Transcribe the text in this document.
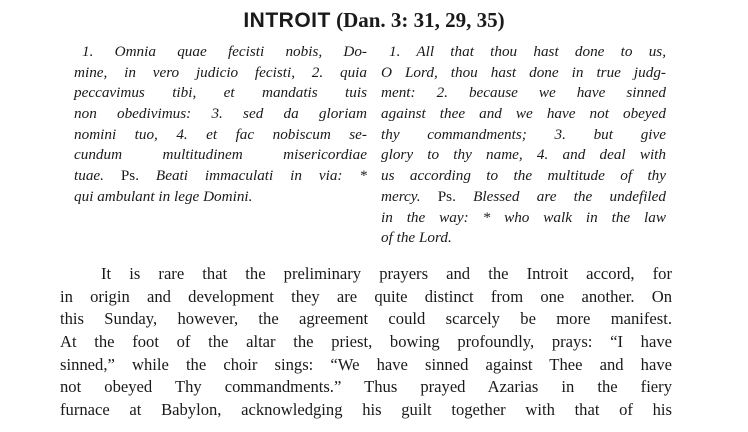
INTROIT (Dan. 3: 31, 29, 35)
1. Omnia quae fecisti nobis, Do-
mine, in vero judicio fecisti, 2. quia
peccavimus tibi, et mandatis tuis
non obedivimus: 3. sed da gloriam
nomini tuo, 4. et fac nobiscum se-
cundum multitudinem misericordiae
tuae. Ps. Beati immaculati in via: *
qui ambulant in lege Domini.
1. All that thou hast done to us,
O Lord, thou hast done in true judg-
ment: 2. because we have sinned
against thee and we have not obeyed
thy commandments; 3. but give
glory to thy name, 4. and deal with
us according to the multitude of thy
mercy. Ps. Blessed are the undefiled
in the way: * who walk in the law
of the Lord.
It is rare that the preliminary prayers and the Introit accord, for
in origin and development they are quite distinct from one another. On
this Sunday, however, the agreement could scarcely be more manifest.
At the foot of the altar the priest, bowing profoundly, prays: “I have
sinned,” while the choir sings: “We have sinned against Thee and have
not obeyed Thy commandments.” Thus prayed Azarias in the fiery
furnace at Babylon, acknowledging his guilt together with that of his
